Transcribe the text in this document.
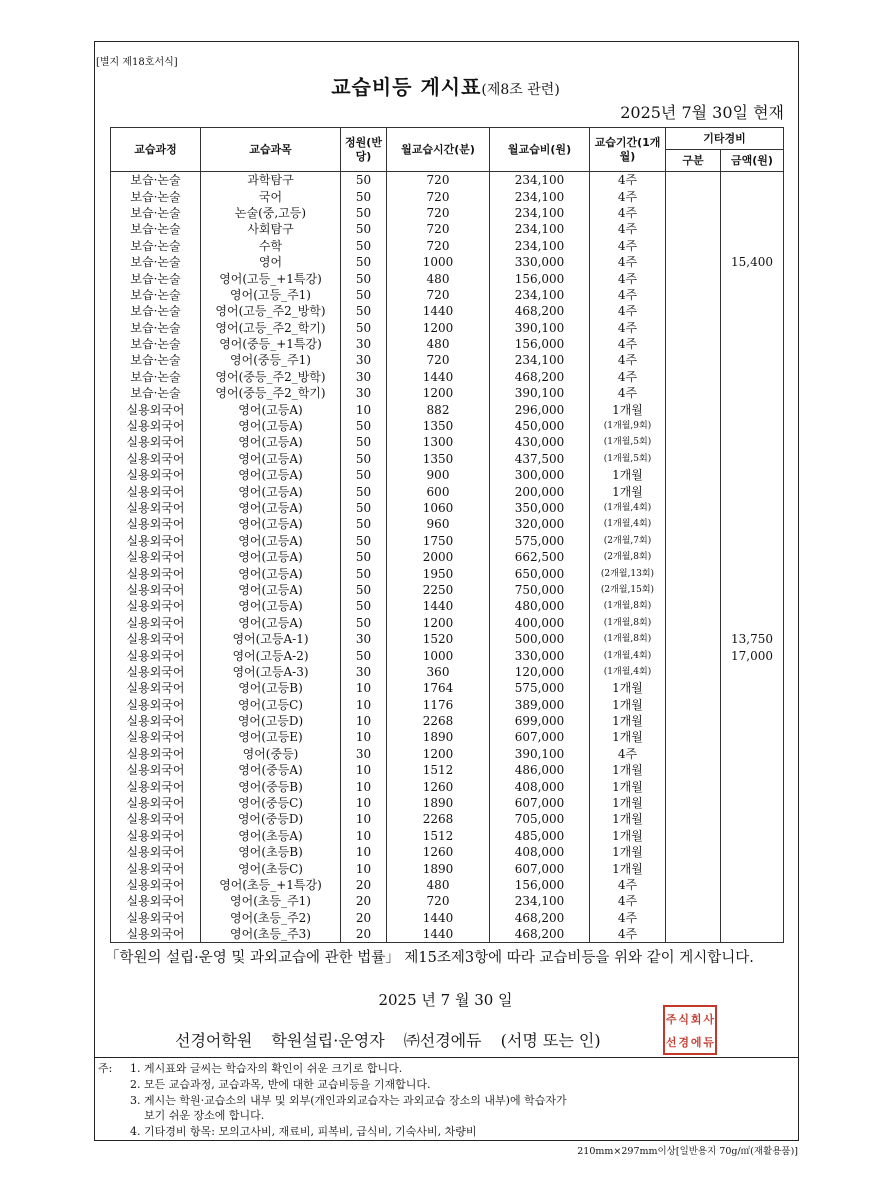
[별지 제18호서식]
교습비등 게시표(제8조 관련)
2025년 7월 30일 현재
교습과정	교습과목	정원(반당)	월교습시간(분)	월교습비(원)	교습기간(1개월)	기타경비	
						구분	금액(원)
보습·논술	과학탐구	50	720	234,100	4주		
보습·논술	국어	50	720	234,100	4주		
보습·논술	논술(중,고등)	50	720	234,100	4주		
보습·논술	사회탐구	50	720	234,100	4주		
보습·논술	수학	50	720	234,100	4주		
보습·논술	영어	50	1000	330,000	4주		15,400
보습·논술	영어(고등_+1특강)	50	480	156,000	4주		
보습·논술	영어(고등_주1)	50	720	234,100	4주		
보습·논술	영어(고등_주2_방학)	50	1440	468,200	4주		
보습·논술	영어(고등_주2_학기)	50	1200	390,100	4주		
보습·논술	영어(중등_+1특강)	30	480	156,000	4주		
보습·논술	영어(중등_주1)	30	720	234,100	4주		
보습·논술	영어(중등_주2_방학)	30	1440	468,200	4주		
보습·논술	영어(중등_주2_학기)	30	1200	390,100	4주		
실용외국어	영어(고등A)	10	882	296,000	1개월		
실용외국어	영어(고등A)	50	1350	450,000	(1개월,9회)		
실용외국어	영어(고등A)	50	1300	430,000	(1개월,5회)		
실용외국어	영어(고등A)	50	1350	437,500	(1개월,5회)		
실용외국어	영어(고등A)	50	900	300,000	1개월		
실용외국어	영어(고등A)	50	600	200,000	1개월		
실용외국어	영어(고등A)	50	1060	350,000	(1개월,4회)		
실용외국어	영어(고등A)	50	960	320,000	(1개월,4회)		
실용외국어	영어(고등A)	50	1750	575,000	(2개월,7회)		
실용외국어	영어(고등A)	50	2000	662,500	(2개월,8회)		
실용외국어	영어(고등A)	50	1950	650,000	(2개월,13회)		
실용외국어	영어(고등A)	50	2250	750,000	(2개월,15회)		
실용외국어	영어(고등A)	50	1440	480,000	(1개월,8회)		
실용외국어	영어(고등A)	50	1200	400,000	(1개월,8회)		
실용외국어	영어(고등A-1)	30	1520	500,000	(1개월,8회)		13,750
실용외국어	영어(고등A-2)	50	1000	330,000	(1개월,4회)		17,000
실용외국어	영어(고등A-3)	30	360	120,000	(1개월,4회)		
실용외국어	영어(고등B)	10	1764	575,000	1개월		
실용외국어	영어(고등C)	10	1176	389,000	1개월		
실용외국어	영어(고등D)	10	2268	699,000	1개월		
실용외국어	영어(고등E)	10	1890	607,000	1개월		
실용외국어	영어(중등)	30	1200	390,100	4주		
실용외국어	영어(중등A)	10	1512	486,000	1개월		
실용외국어	영어(중등B)	10	1260	408,000	1개월		
실용외국어	영어(중등C)	10	1890	607,000	1개월		
실용외국어	영어(중등D)	10	2268	705,000	1개월		
실용외국어	영어(초등A)	10	1512	485,000	1개월		
실용외국어	영어(초등B)	10	1260	408,000	1개월		
실용외국어	영어(초등C)	10	1890	607,000	1개월		
실용외국어	영어(초등_+1특강)	20	480	156,000	4주		
실용외국어	영어(초등_주1)	20	720	234,100	4주		
실용외국어	영어(초등_주2)	20	1440	468,200	4주		
실용외국어	영어(초등_주3)	20	1440	468,200	4주		
「학원의 설립·운영 및 과외교습에 관한 법률」 제15조제3항에 따라 교습비등을 위와 같이 게시합니다.
2025 년 7 월 30 일
선경어학원 학원설립·운영자 ㈜선경에듀 (서명 또는 인)
주 식 회 사
선 경 에 듀
주: 1. 게시표와 글씨는 학습자의 확인이 쉬운 크기로 합니다.
2. 모든 교습과정, 교습과목, 반에 대한 교습비등을 기재합니다.
3. 게시는 학원·교습소의 내부 및 외부(개인과외교습자는 과외교습 장소의 내부)에 학습자가
보기 쉬운 장소에 합니다.
4. 기타경비 항목: 모의고사비, 재료비, 피복비, 급식비, 기숙사비, 차량비
210mm×297mm이상[일반용지 70g/㎡(재활용품)]
